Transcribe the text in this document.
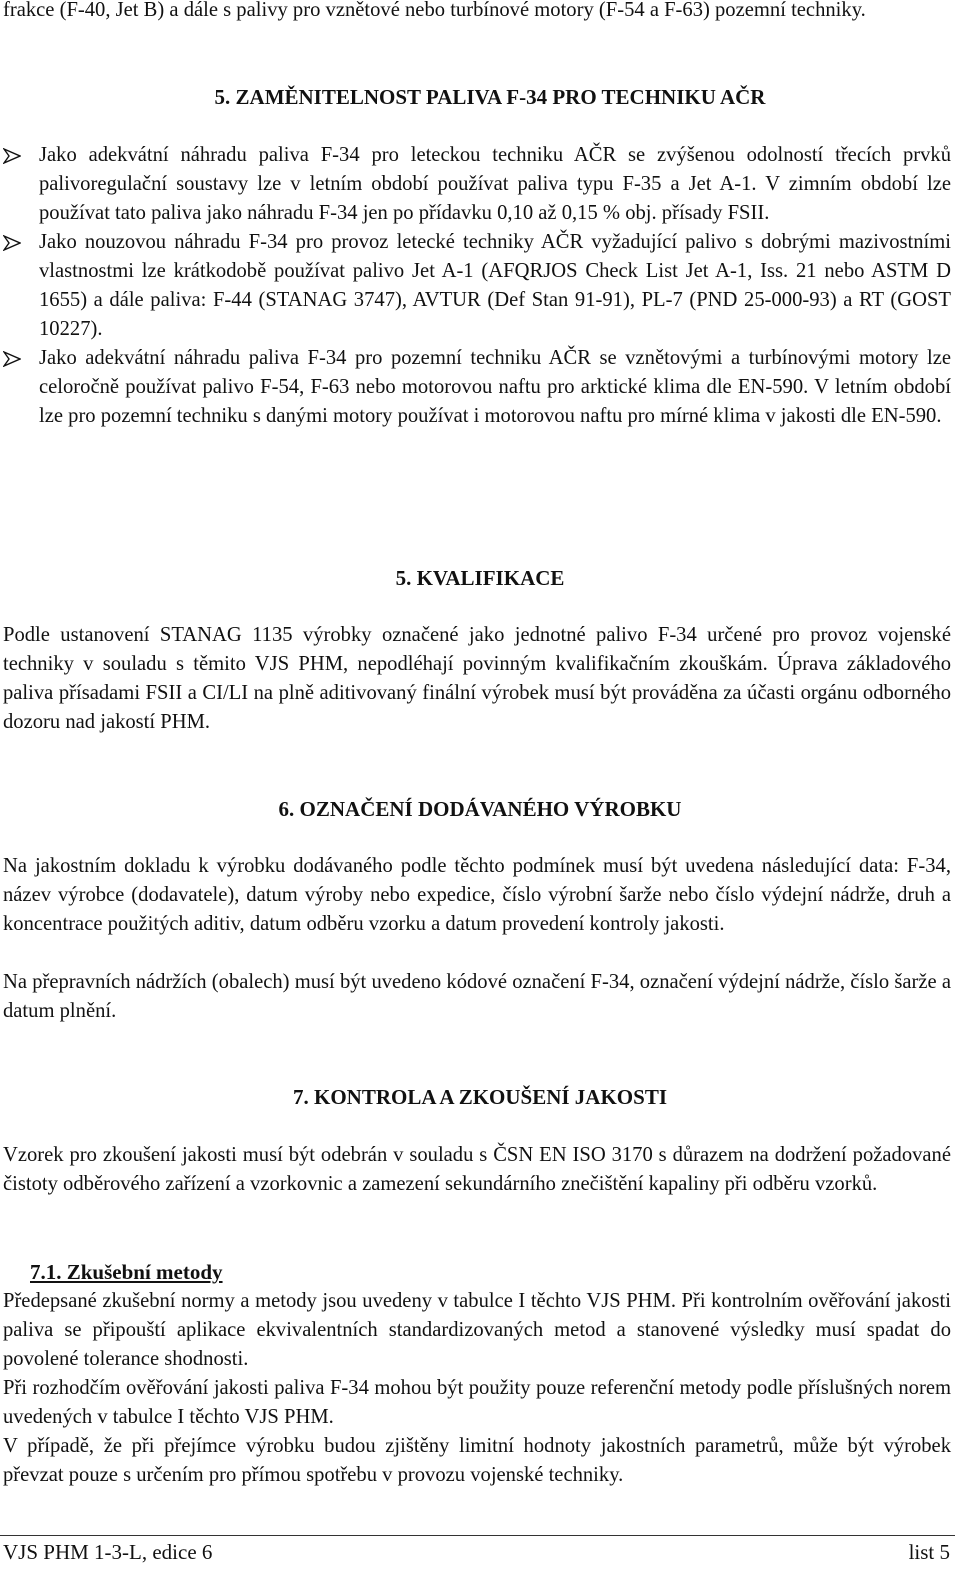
frakce (F-40, Jet B) a dále s palivy pro vznětové nebo turbínové motory (F-54 a F-63) pozemní techniky.

5. ZAMĚNITELNOST PALIVA F-34 PRO TECHNIKU AČR
Jako adekvátní náhradu paliva F-34 pro leteckou techniku AČR se zvýšenou odolností třecích prvků palivoregulační soustavy lze v letním období používat paliva typu F-35 a Jet A-1. V zimním období lze používat tato paliva jako náhradu F-34 jen po přídavku 0,10 až 0,15 % obj. přísady FSII.
Jako nouzovou náhradu F-34 pro provoz letecké techniky AČR vyžadující palivo s dobrými mazivostními vlastnostmi lze krátkodobě používat palivo Jet A-1 (AFQRJOS Check List Jet A-1, Iss. 21 nebo ASTM D 1655) a dále paliva: F-44 (STANAG 3747), AVTUR (Def Stan 91-91), PL-7 (PND 25-000-93) a RT (GOST 10227).
Jako adekvátní náhradu paliva F-34 pro pozemní techniku AČR se vznětovými a turbínovými motory lze celoročně používat palivo F-54, F-63 nebo motorovou naftu pro arktické klima dle EN-590. V letním období lze pro pozemní techniku s danými motory používat i motorovou naftu pro mírné klima v jakosti dle EN-590.
5. KVALIFIKACE

Podle ustanovení STANAG 1135 výrobky označené jako jednotné palivo F-34 určené pro provoz vojenské techniky v souladu s těmito VJS PHM, nepodléhají povinným kvalifikačním zkouškám. Úprava základového paliva přísadami FSII a CI/LI na plně aditivovaný finální výrobek musí být prováděna za účasti orgánu odborného dozoru nad jakostí PHM.

6. OZNAČENÍ DODÁVANÉHO VÝROBKU

Na jakostním dokladu k výrobku dodávaného podle těchto podmínek musí být uvedena následující data: F-34, název výrobce (dodavatele), datum výroby nebo expedice, číslo výrobní šarže nebo číslo výdejní nádrže, druh a koncentrace použitých aditiv, datum odběru vzorku a datum provedení kontroly jakosti.

Na přepravních nádržích (obalech) musí být uvedeno kódové označení F-34, označení výdejní nádrže, číslo šarže a datum plnění.

7. KONTROLA A ZKOUŠENÍ JAKOSTI

Vzorek pro zkoušení jakosti musí být odebrán v souladu s ČSN EN ISO 3170 s důrazem na dodržení požadované čistoty odběrového zařízení a vzorkovnic a zamezení sekundárního znečištění kapaliny při odběru vzorků.

7.1. Zkušební metody

Předepsané zkušební normy a metody jsou uvedeny v tabulce I těchto VJS PHM. Při kontrolním ověřování jakosti paliva se připouští aplikace ekvivalentních standardizovaných metod a stanovené výsledky musí spadat do povolené tolerance shodnosti.

Při rozhodčím ověřování jakosti paliva F-34 mohou být použity pouze referenční metody podle příslušných norem uvedených v tabulce I těchto VJS PHM.

V případě, že při přejímce výrobku budou zjištěny limitní hodnoty jakostních parametrů, může být výrobek převzat pouze s určením pro přímou spotřebu v provozu vojenské techniky.

VJS PHM 1-3-L, edice 6	list 5
